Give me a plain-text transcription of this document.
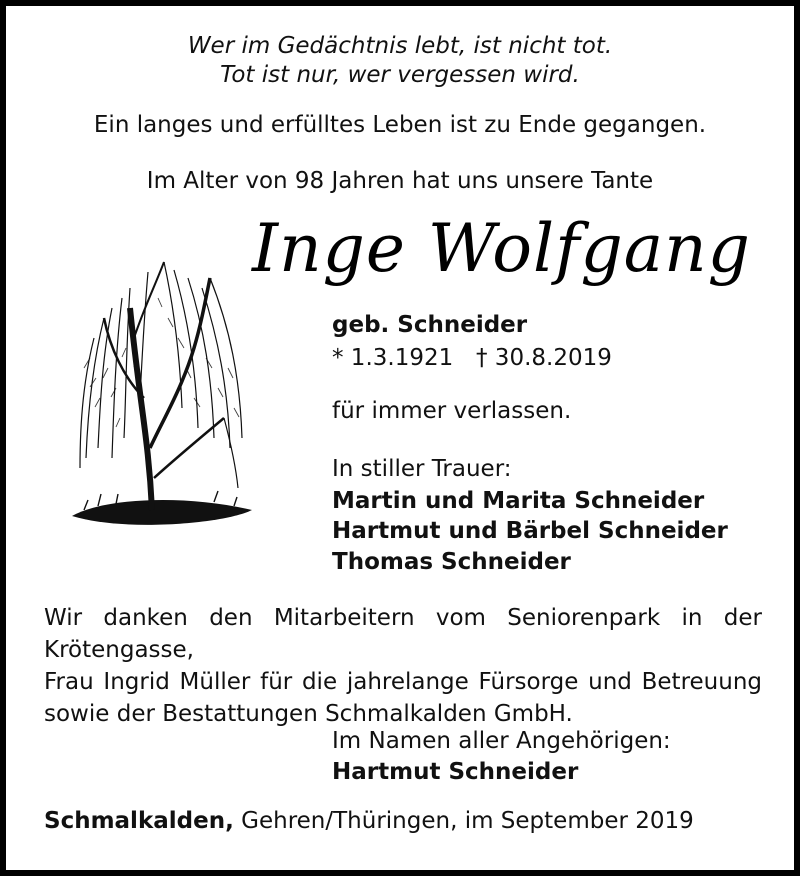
Wer im Gedächtnis lebt, ist nicht tot.
Tot ist nur, wer vergessen wird.
Ein langes und erfülltes Leben ist zu Ende gegangen.
Im Alter von 98 Jahren hat uns unsere Tante
Inge Wolfgang
geb. Schneider
* 1.3.1921 † 30.8.2019
für immer verlassen.
In stiller Trauer:
Martin und Marita Schneider
Hartmut und Bärbel Schneider
Thomas Schneider
Wir danken den Mitarbeitern vom Seniorenpark in der Krötengasse,
Frau Ingrid Müller für die jahrelange Fürsorge und Betreuung
sowie der Bestattungen Schmalkalden GmbH.
Im Namen aller Angehörigen:
Hartmut Schneider
Schmalkalden, Gehren/Thüringen, im September 2019
